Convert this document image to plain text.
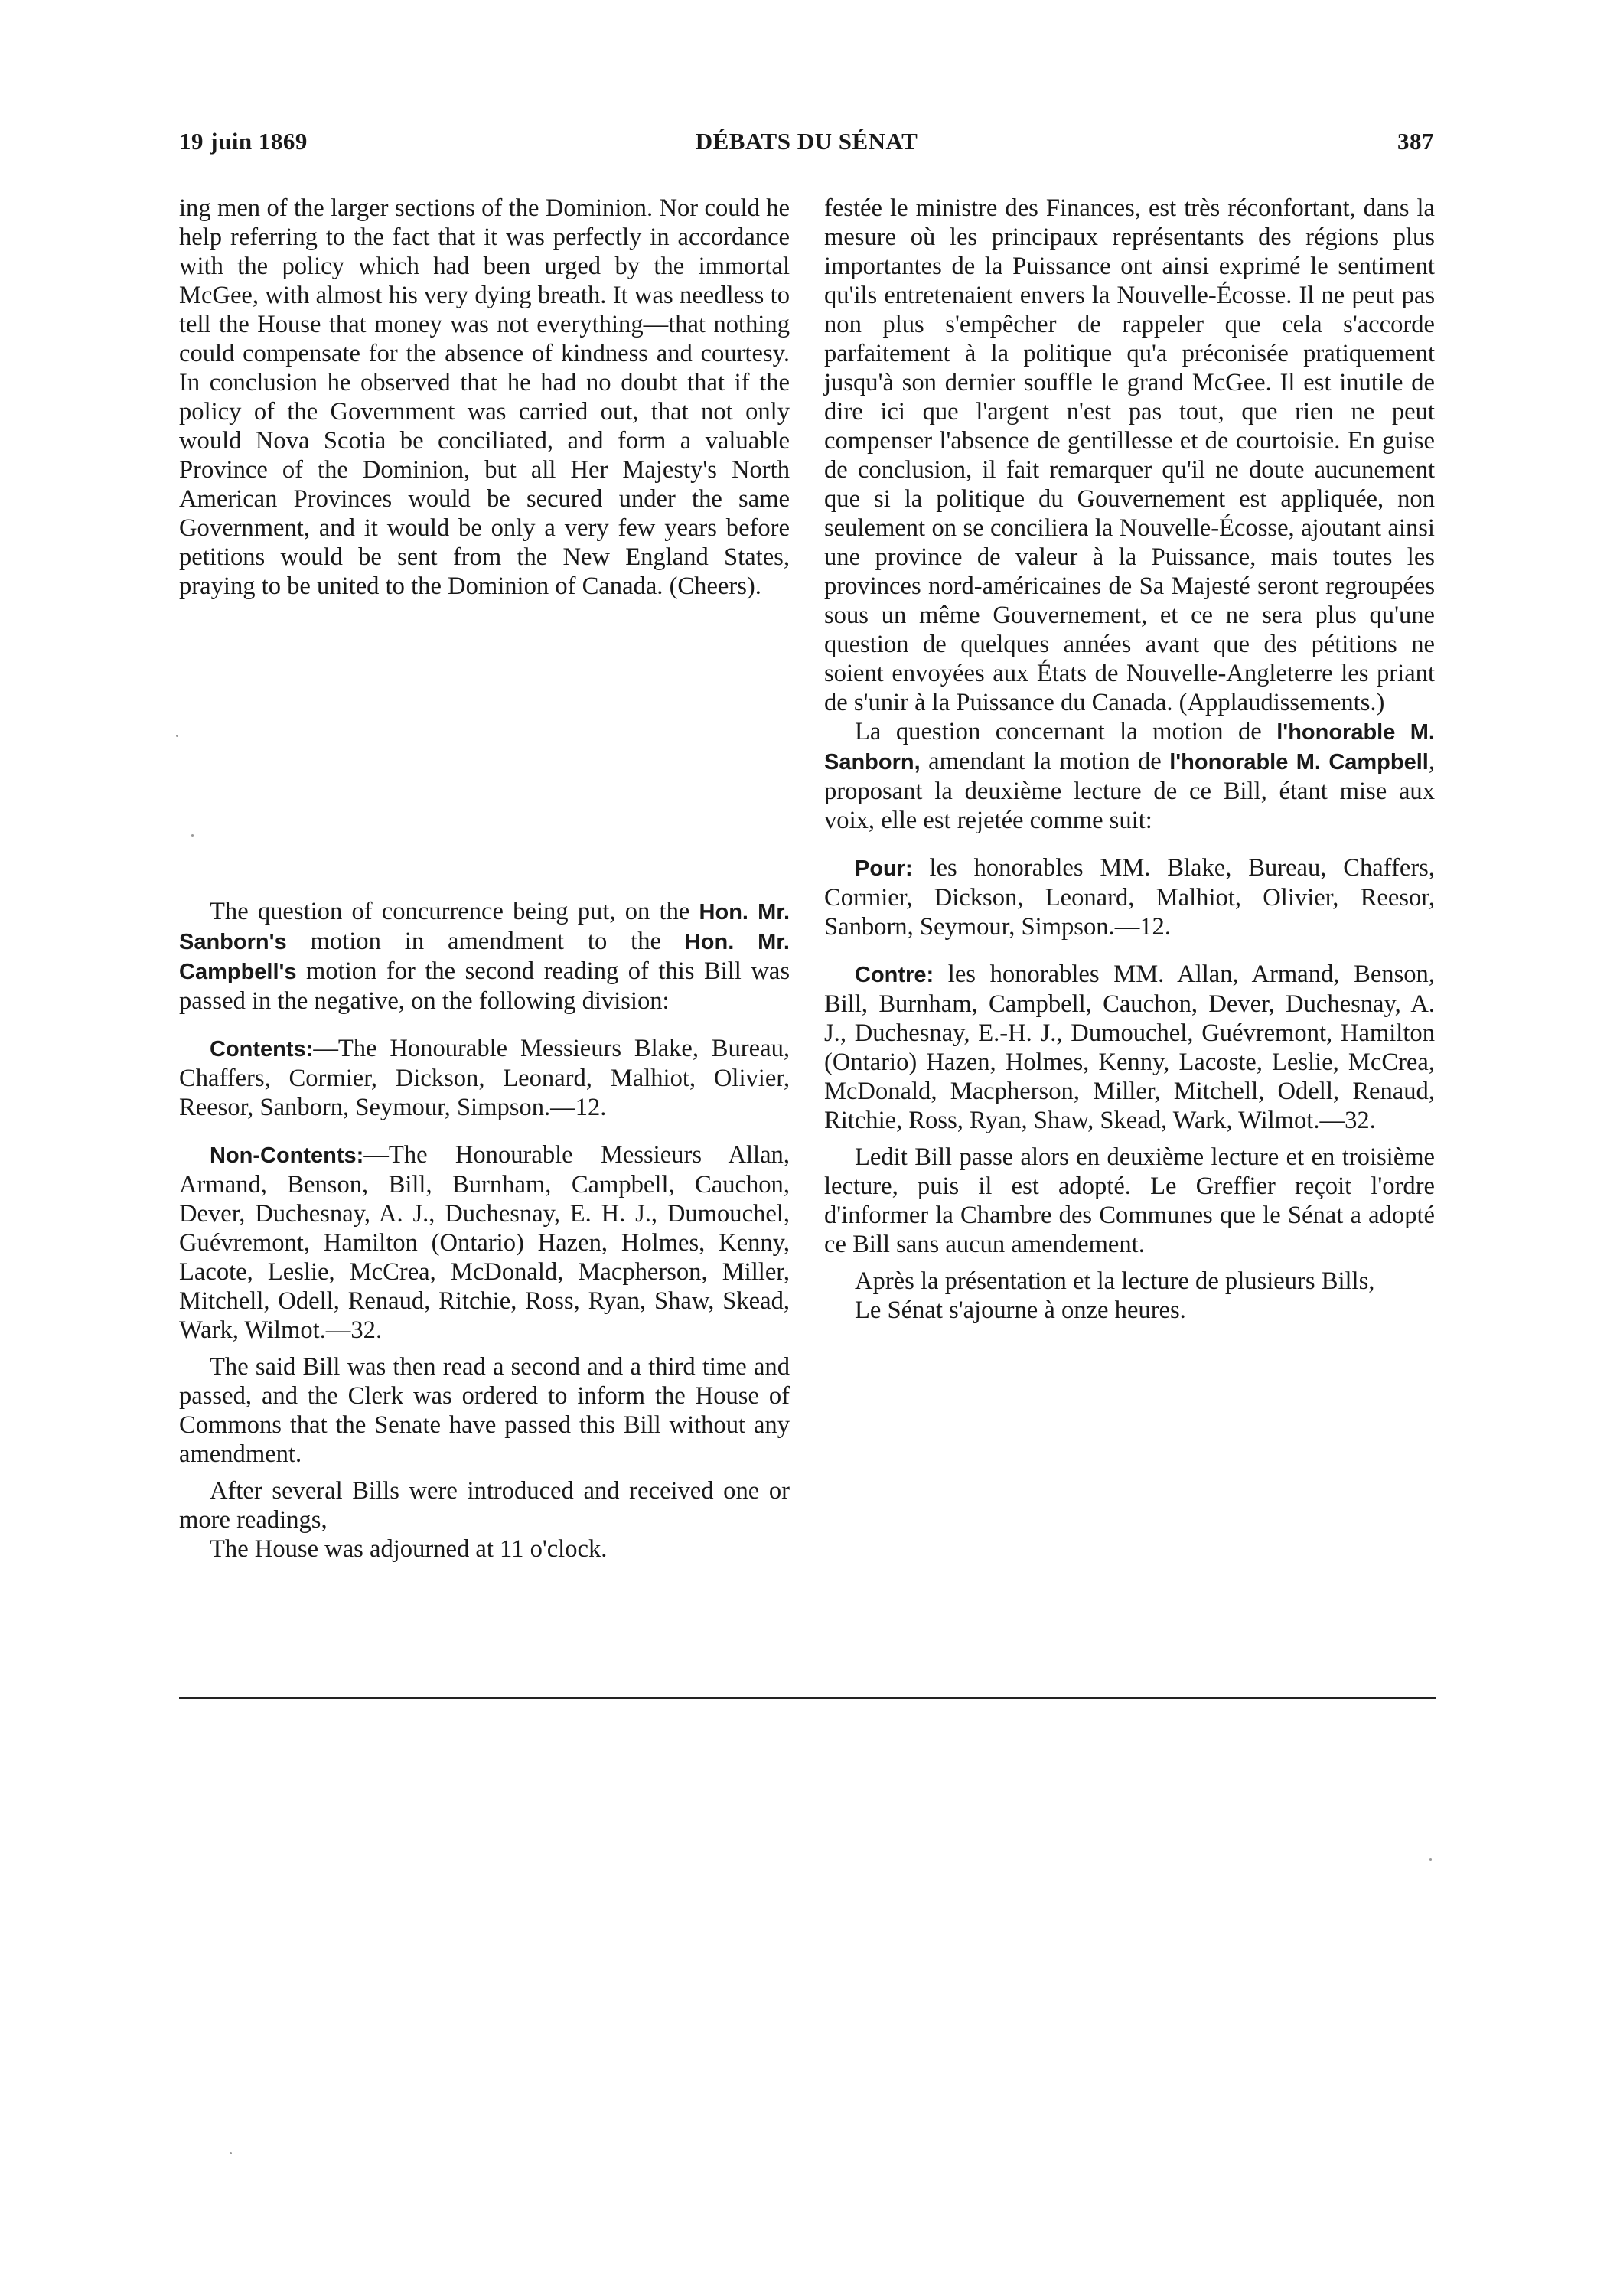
DÉBATS DU SÉNAT
19 juin 1869	387

ing men of the larger sections of the Dominion. Nor could he help referring to the fact that it was perfectly in accordance with the policy which had been urged by the immortal McGee, with almost his very dying breath. It was needless to tell the House that money was not everything—that nothing could compensate for the absence of kindness and courtesy. In conclusion he observed that he had no doubt that if the policy of the Government was carried out, that not only would Nova Scotia be conciliated, and form a valuable Province of the Dominion, but all Her Majesty's North American Provinces would be secured under the same Government, and it would be only a very few years before petitions would be sent from the New England States, praying to be united to the Dominion of Canada. (Cheers).

festée le ministre des Finances, est très réconfortant, dans la mesure où les principaux représentants des régions plus importantes de la Puissance ont ainsi exprimé le sentiment qu'ils entretenaient envers la Nouvelle-Écosse. Il ne peut pas non plus s'empêcher de rappeler que cela s'accorde parfaitement à la politique qu'a préconisée pratiquement jusqu'à son dernier souffle le grand McGee. Il est inutile de dire ici que l'argent n'est pas tout, que rien ne peut compenser l'absence de gentillesse et de courtoisie. En guise de conclusion, il fait remarquer qu'il ne doute aucunement que si la politique du Gouvernement est appliquée, non seulement on se conciliera la Nouvelle-Écosse, ajoutant ainsi une province de valeur à la Puissance, mais toutes les provinces nord-américaines de Sa Majesté seront regroupées sous un même Gouvernement, et ce ne sera plus qu'une question de quelques années avant que des pétitions ne soient envoyées aux États de Nouvelle-Angleterre les priant de s'unir à la Puissance du Canada. (Applaudissements.)

La question concernant la motion de l'honorable M. Sanborn, amendant la motion de l'honorable M. Campbell, proposant la deuxième lecture de ce Bill, étant mise aux voix, elle est rejetée comme suit:

Pour: les honorables MM. Blake, Bureau, Chaffers, Cormier, Dickson, Leonard, Malhiot, Olivier, Reesor, Sanborn, Seymour, Simpson.—12.

Contre: les honorables MM. Allan, Armand, Benson, Bill, Burnham, Campbell, Cauchon, Dever, Duchesnay, A. J., Duchesnay, E.-H. J., Dumouchel, Guévremont, Hamilton (Ontario) Hazen, Holmes, Kenny, Lacoste, Leslie, McCrea, McDonald, Macpherson, Miller, Mitchell, Odell, Renaud, Ritchie, Ross, Ryan, Shaw, Skead, Wark, Wilmot.—32.

Ledit Bill passe alors en deuxième lecture et en troisième lecture, puis il est adopté. Le Greffier reçoit l'ordre d'informer la Chambre des Communes que le Sénat a adopté ce Bill sans aucun amendement.

Après la présentation et la lecture de plusieurs Bills,

Le Sénat s'ajourne à onze heures.

The question of concurrence being put, on the Hon. Mr. Sanborn's motion in amendment to the Hon. Mr. Campbell's motion for the second reading of this Bill was passed in the negative, on the following division:

Contents:—The Honourable Messieurs Blake, Bureau, Chaffers, Cormier, Dickson, Leonard, Malhiot, Olivier, Reesor, Sanborn, Seymour, Simpson.—12.

Non-Contents:—The Honourable Messieurs Allan, Armand, Benson, Bill, Burnham, Campbell, Cauchon, Dever, Duchesnay, A. J., Duchesnay, E. H. J., Dumouchel, Guévremont, Hamilton (Ontario) Hazen, Holmes, Kenny, Lacote, Leslie, McCrea, McDonald, Macpherson, Miller, Mitchell, Odell, Renaud, Ritchie, Ross, Ryan, Shaw, Skead, Wark, Wilmot.—32.

The said Bill was then read a second and a third time and passed, and the Clerk was ordered to inform the House of Commons that the Senate have passed this Bill without any amendment.

After several Bills were introduced and received one or more readings,

The House was adjourned at 11 o'clock.
